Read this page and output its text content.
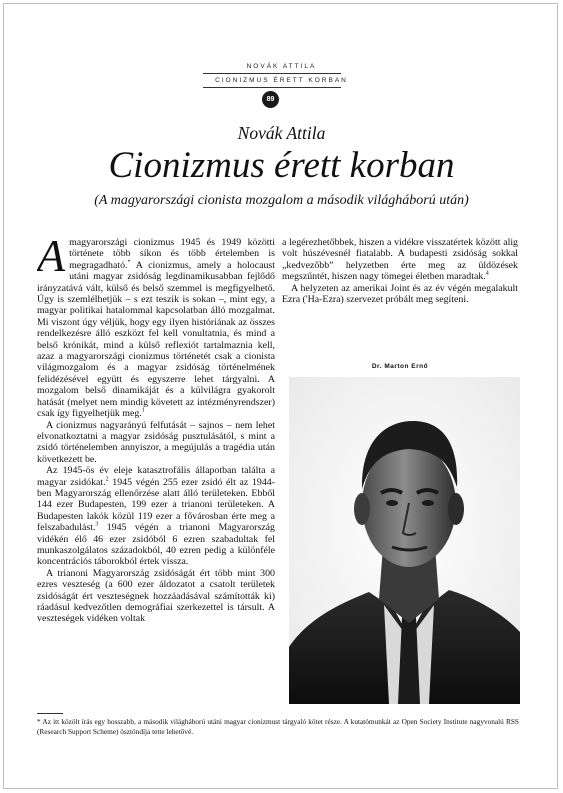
NOVÁK ATTILA
CIONIZMUS ÉRETT KORBAN
89
Novák Attila
Cionizmus érett korban
(A magyarországi cionista mozgalom a második világháború után)

A magyarországi cionizmus 1945 és 1949 közötti története több síkon és több értelemben is megragadható.* A cionizmus, amely a holocaust utáni magyar zsidóság legdinamikusabban fejlődő irányzatává vált, külső és belső szemmel is megfigyelhető. Úgy is szemlélhetjük – s ezt teszik is sokan –, mint egy, a magyar politikai hatalommal kapcsolatban álló mozgalmat. Mi viszont úgy véljük, hogy egy ilyen históriának az összes rendelkezésre álló eszközt fel kell vonultatnia, és mind a belső krónikát, mind a külső reflexiót tartalmaznia kell, azaz a magyarországi cionizmus történetét csak a cionista világmozgalom és a magyar zsidóság történelmének felidézésével együtt és egyszerre lehet tárgyalni. A mozgalom belső dinamikáját és a külvilágra gyakorolt hatását (melyet nem mindig követett az intézményrendszer) csak így figyelhetjük meg.$^1$

A cionizmus nagyarányú felfutását – sajnos – nem lehet elvonatkoztatni a magyar zsidóság pusztulásától, s mint a zsidó történelemben annyiszor, a megújulás a tragédia után következett be.

Az 1945-ös év eleje katasztrofális állapotban találta a magyar zsidókat.$^2$ 1945 végén 255 ezer zsidó élt az 1944-ben Magyarország ellenőrzése alatt álló területeken. Ebből 144 ezer Budapesten, 199 ezer a trianoni területeken. A Budapesten lakók közül 119 ezer a fővárosban érte meg a felszabadulást.$^3$ 1945 végén a trianoni Magyarország vidékén élő 46 ezer zsidóból 6 ezren szabadultak fel munkaszolgálatos századokból, 40 ezren pedig a különféle koncentrációs táborokból értek vissza.

A trianoni Magyarország zsidóságát ért több mint 300 ezres veszteség (a 600 ezer áldozatot a csatolt területek zsidóságát ért veszteségnek hozzáadásával számították ki) ráadásul kedvezőtlen demográfiai szerkezettel is társult. A veszteségek vidéken voltak

a legérezhetőbbek, hiszen a vidékre visszatértek között alig volt húszévesnél fiatalabb. A budapesti zsidóság sokkal „kedvezőbb” helyzetben érte meg az üldözések megszűntét, hiszen nagy tömegei életben maradtak.$^4$

A helyzeten az amerikai Joint és az év végén megalakult Ezra ('Ha-Ezra) szervezet próbált meg segíteni.

Dr. Marton Ernő
* Az itt közölt írás egy hosszabb, a második világháború utáni magyar cionizmust tárgyaló kötet része. A kutatómunkát az Open Society Institute nagyvonalú RSS (Research Support Scheme) ösztöndíja tette lehetővé.
